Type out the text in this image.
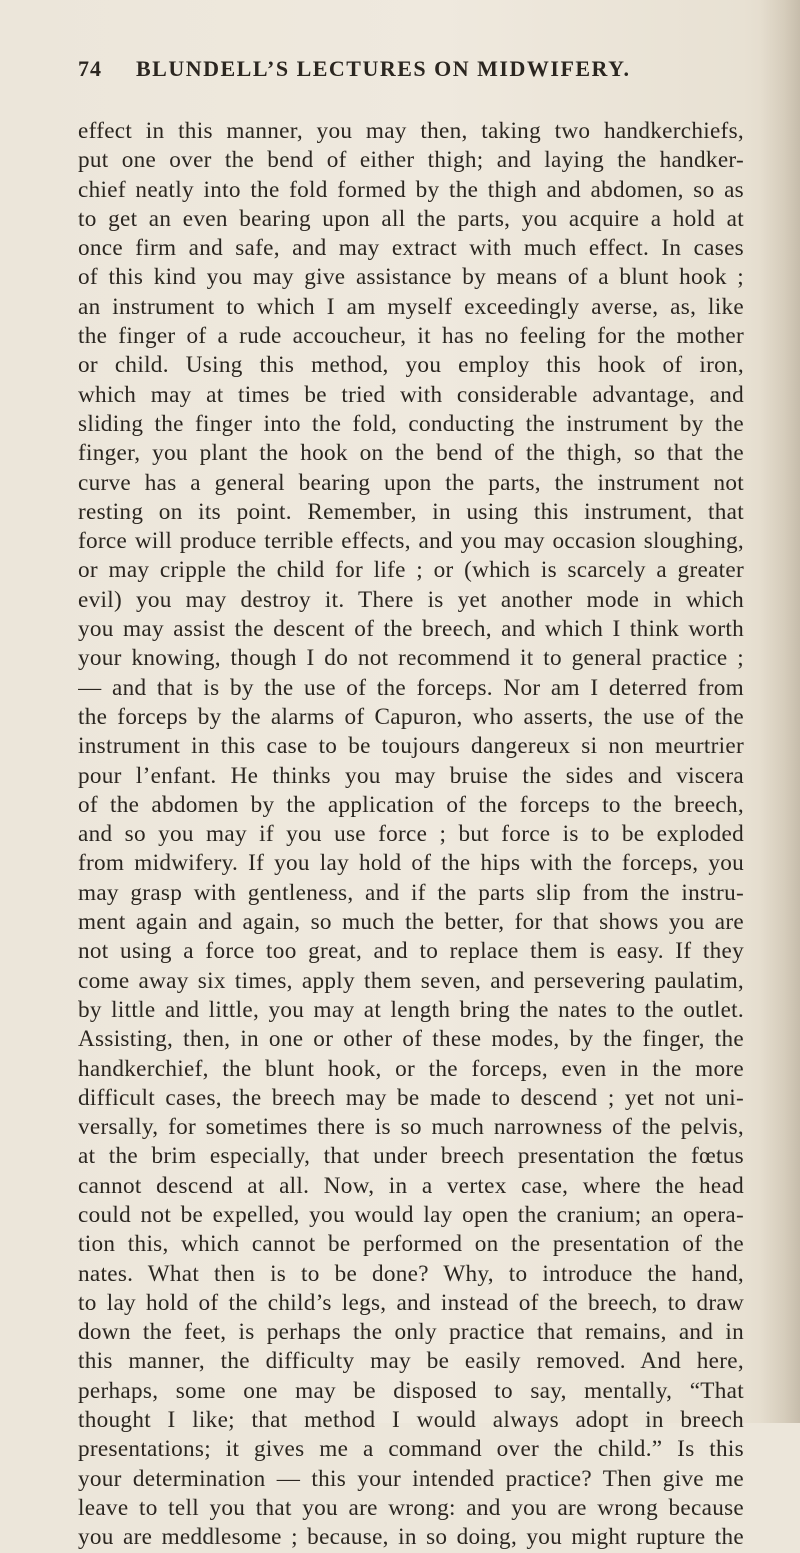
74 BLUNDELL’S LECTURES ON MIDWIFERY.
effect in this manner, you may then, taking two handkerchiefs,
put one over the bend of either thigh; and laying the handker-
chief neatly into the fold formed by the thigh and abdomen, so as
to get an even bearing upon all the parts, you acquire a hold at
once firm and safe, and may extract with much effect. In cases
of this kind you may give assistance by means of a blunt hook ;
an instrument to which I am myself exceedingly averse, as, like
the finger of a rude accoucheur, it has no feeling for the mother
or child. Using this method, you employ this hook of iron,
which may at times be tried with considerable advantage, and
sliding the finger into the fold, conducting the instrument by the
finger, you plant the hook on the bend of the thigh, so that the
curve has a general bearing upon the parts, the instrument not
resting on its point. Remember, in using this instrument, that
force will produce terrible effects, and you may occasion sloughing,
or may cripple the child for life ; or (which is scarcely a greater
evil) you may destroy it. There is yet another mode in which
you may assist the descent of the breech, and which I think worth
your knowing, though I do not recommend it to general practice ;
— and that is by the use of the forceps. Nor am I deterred from
the forceps by the alarms of Capuron, who asserts, the use of the
instrument in this case to be toujours dangereux si non meurtrier
pour l’enfant. He thinks you may bruise the sides and viscera
of the abdomen by the application of the forceps to the breech,
and so you may if you use force ; but force is to be exploded
from midwifery. If you lay hold of the hips with the forceps, you
may grasp with gentleness, and if the parts slip from the instru-
ment again and again, so much the better, for that shows you are
not using a force too great, and to replace them is easy. If they
come away six times, apply them seven, and persevering paulatim,
by little and little, you may at length bring the nates to the outlet.
Assisting, then, in one or other of these modes, by the finger, the
handkerchief, the blunt hook, or the forceps, even in the more
difficult cases, the breech may be made to descend ; yet not uni-
versally, for sometimes there is so much narrowness of the pelvis,
at the brim especially, that under breech presentation the fœtus
cannot descend at all. Now, in a vertex case, where the head
could not be expelled, you would lay open the cranium; an opera-
tion this, which cannot be performed on the presentation of the
nates. What then is to be done? Why, to introduce the hand,
to lay hold of the child’s legs, and instead of the breech, to draw
down the feet, is perhaps the only practice that remains, and in
this manner, the difficulty may be easily removed. And here,
perhaps, some one may be disposed to say, mentally, “That
thought I like; that method I would always adopt in breech
presentations; it gives me a command over the child.” Is this
your determination — this your intended practice? Then give me
leave to tell you that you are wrong: and you are wrong because
you are meddlesome ; because, in so doing, you might rupture the
